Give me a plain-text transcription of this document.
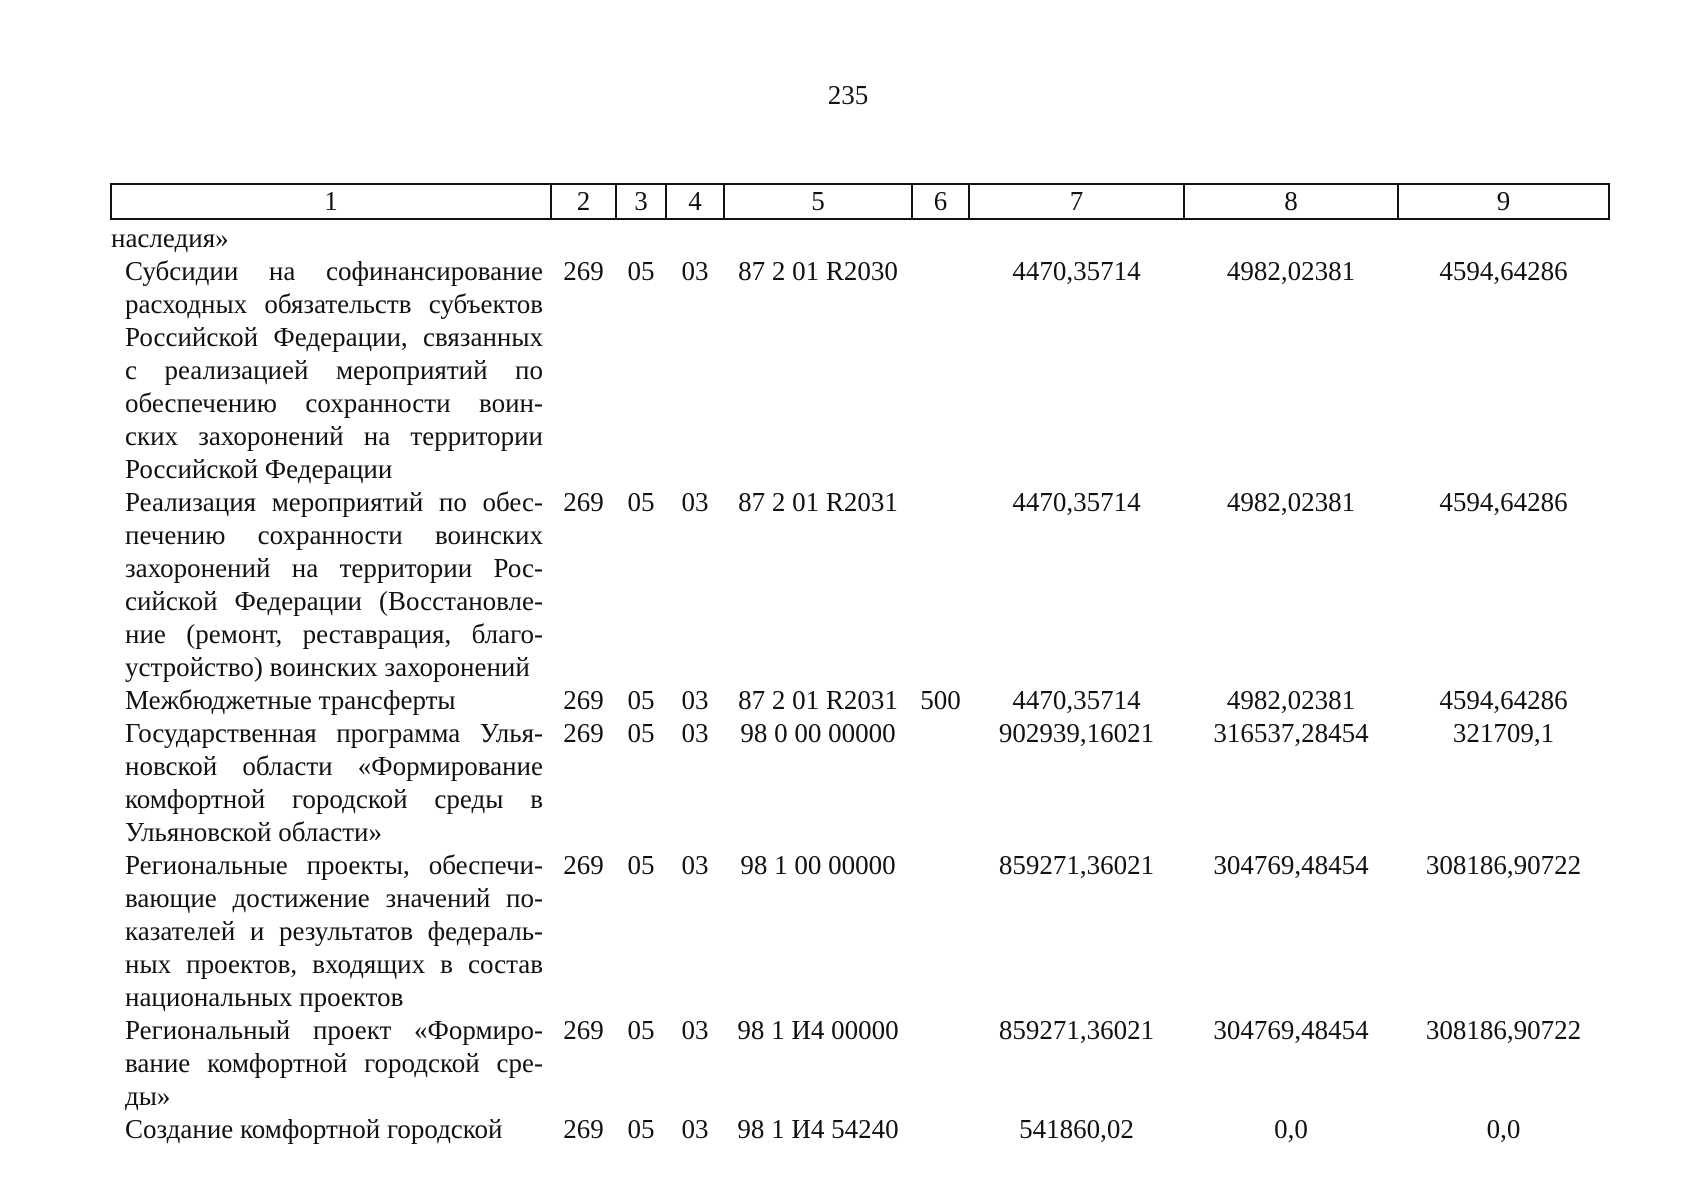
235
1	2	3	4	5	6	7	8	9
наследия»								
Субсидии на софинансирование расходных обязательств субъектов Российской Федерации, связанных с реализацией мероприятий по обеспечению сохранности воин-ских захоронений на территории Российской Федерации	269	05	03	87 2 01 R2030		4470,35714	4982,02381	4594,64286
Реализация мероприятий по обес-печению сохранности воинских захоронений на территории Рос-сийской Федерации (Восстановле-ние (ремонт, реставрация, благо-устройство) воинских захоронений	269	05	03	87 2 01 R2031		4470,35714	4982,02381	4594,64286
Межбюджетные трансферты	269	05	03	87 2 01 R2031	500	4470,35714	4982,02381	4594,64286
Государственная программа Улья-новской области «Формирование комфортной городской среды в Ульяновской области»	269	05	03	98 0 00 00000		902939,16021	316537,28454	321709,1
Региональные проекты, обеспечи-вающие достижение значений по-казателей и результатов федераль-ных проектов, входящих в состав национальных проектов	269	05	03	98 1 00 00000		859271,36021	304769,48454	308186,90722
Региональный проект «Формиро-вание комфортной городской сре-ды»	269	05	03	98 1 И4 00000		859271,36021	304769,48454	308186,90722
Создание комфортной городской	269	05	03	98 1 И4 54240		541860,02	0,0	0,0
